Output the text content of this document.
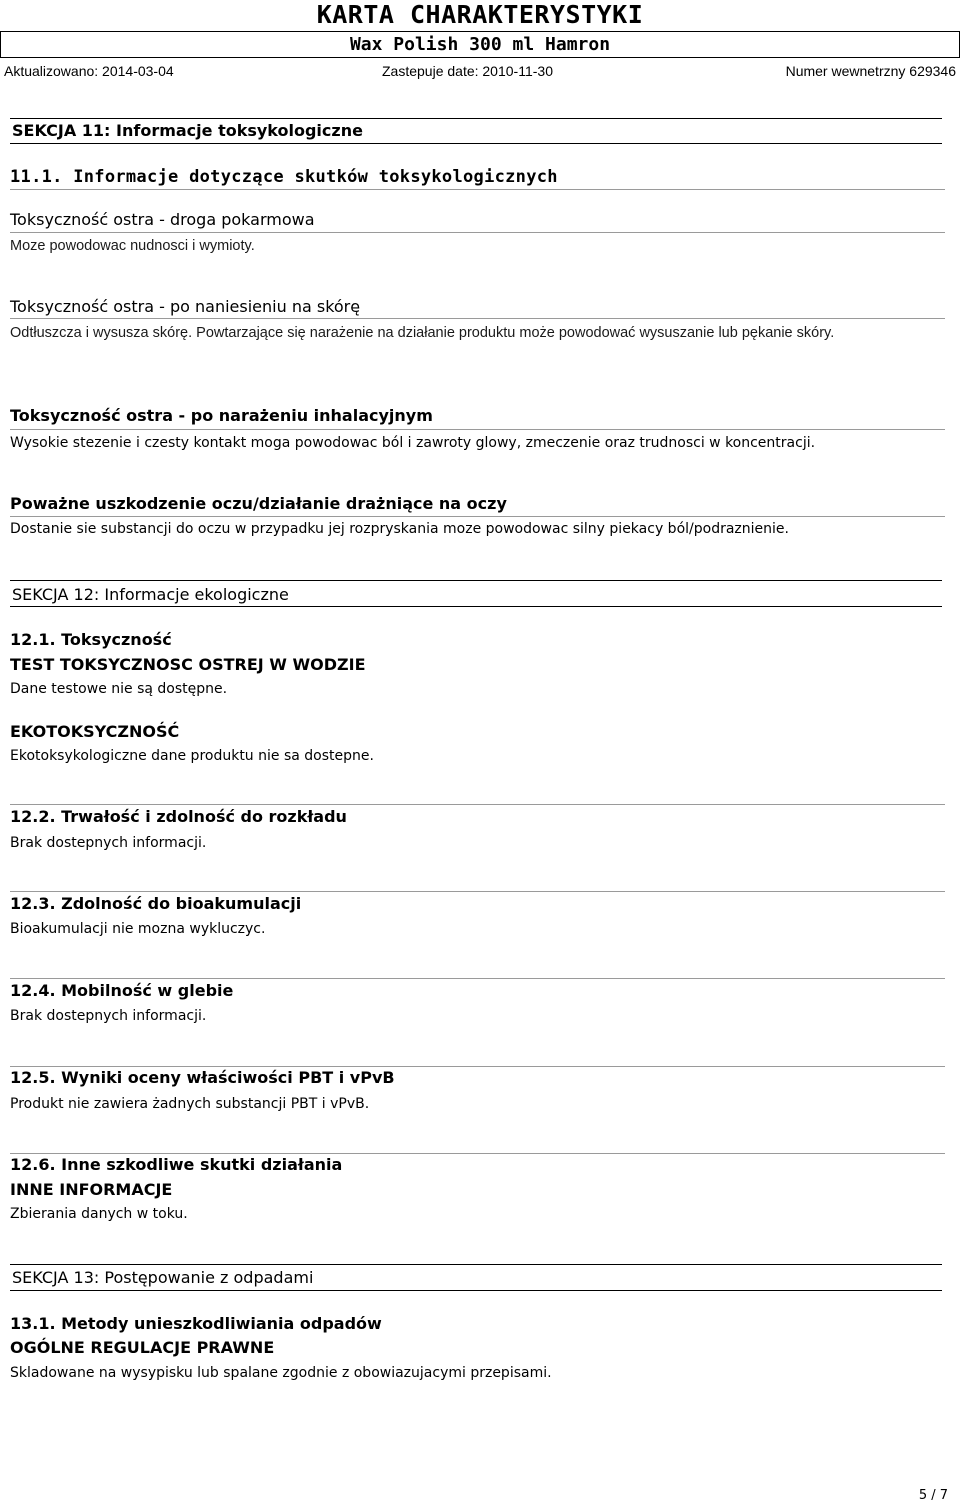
KARTA CHARAKTERYSTYKI
Wax Polish 300 ml Hamron
Aktualizowano: 2014-03-04	Zastepuje date: 2010-11-30	Numer wewnetrzny 629346
SEKCJA 11: Informacje toksykologiczne
11.1. Informacje dotyczące skutków toksykologicznych
Toksyczność ostra - droga pokarmowa
Moze powodowac nudnosci i wymioty.
Toksyczność ostra - po naniesieniu na skórę
Odtłuszcza i wysusza skórę. Powtarzające się narażenie na działanie produktu może powodować wysuszanie lub pękanie skóry.
Toksyczność ostra - po narażeniu inhalacyjnym
Wysokie stezenie i czesty kontakt moga powodowac ból i zawroty glowy, zmeczenie oraz trudnosci w koncentracji.
Poważne uszkodzenie oczu/działanie drażniące na oczy
Dostanie sie substancji do oczu w przypadku jej rozpryskania moze powodowac silny piekacy ból/podraznienie.
SEKCJA 12: Informacje ekologiczne
12.1. Toksyczność
TEST TOKSYCZNOSC OSTREJ W WODZIE
Dane testowe nie są dostępne.
EKOTOKSYCZNOŚĆ
Ekotoksykologiczne dane produktu nie sa dostepne.
12.2. Trwałość i zdolność do rozkładu
Brak dostepnych informacji.
12.3. Zdolność do bioakumulacji
Bioakumulacji nie mozna wykluczyc.
12.4. Mobilność w glebie
Brak dostepnych informacji.
12.5. Wyniki oceny właściwości PBT i vPvB
Produkt nie zawiera żadnych substancji PBT i vPvB.
12.6. Inne szkodliwe skutki działania
INNE INFORMACJE
Zbierania danych w toku.
SEKCJA 13: Postępowanie z odpadami
13.1. Metody unieszkodliwiania odpadów
OGÓLNE REGULACJE PRAWNE
Skladowane na wysypisku lub spalane zgodnie z obowiazujacymi przepisami.
5 / 7
